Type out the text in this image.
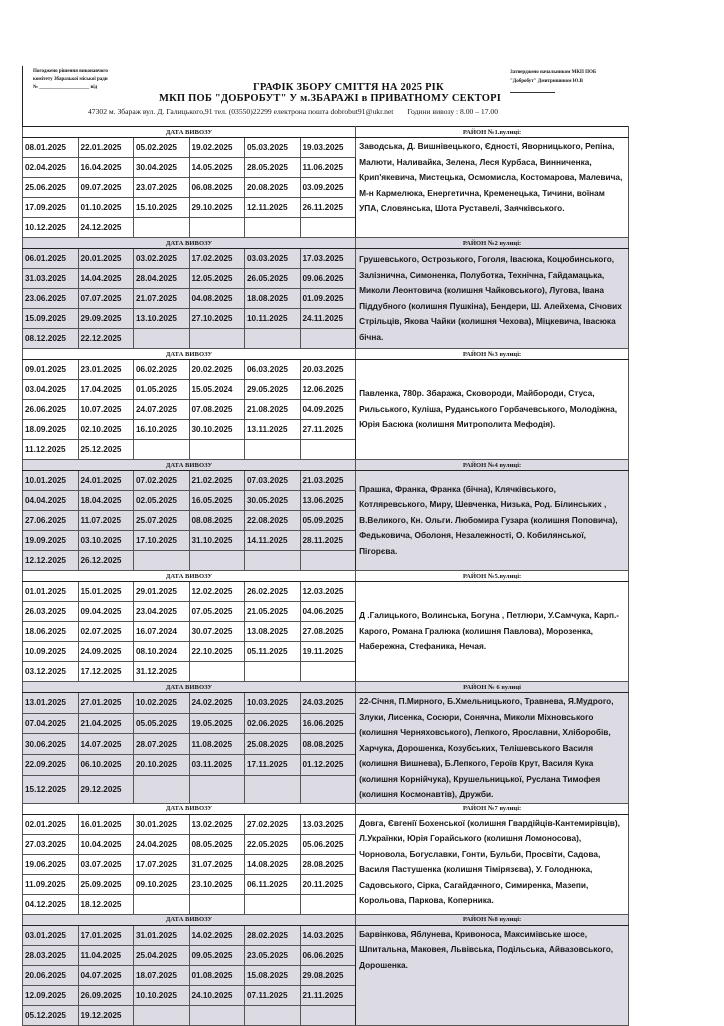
Погоджено рішення виконавчого
комітету Збаразької міської ради
№ ____________________ від	ГРАФІК ЗБОРУ СМІТТЯ НА 2025 РІК
МКП ПОБ "ДОБРОБУТ" У м.ЗБАРАЖІ в ПРИВАТНОМУ СЕКТОРІ
Затверджено начальником МКП ПОБ
"Добробут" Дмитришином Ю.В
47302 м. Збараж вул. Д. Галицького,91 тел. (03550)22299 електрона пошта dobrobut91@ukr.net Години вивозу : 8.00 – 17.00
ДАТА ВИВОЗУ						РАЙОН №1.вулиці:
08.01.2025	22.01.2025	05.02.2025	19.02.2025	05.03.2025	19.03.2025	Заводська, Д. Вишнівецького, Єдності, Яворницького, Репіна, Малюти, Наливайка, Зелена, Леся Курбаса, Винниченка, Крип'якевича, Мистецька, Осмомисла, Костомарова, Малевича, М-н Кармелюка, Енергетична, Кременецька, Тичини, воїнам УПА, Словянська, Шота Руставелі, Заячківського.
02.04.2025	16.04.2025	30.04.2025	14.05.2025	28.05.2025	11.06.2025	
25.06.2025	09.07.2025	23.07.2025	06.08.2025	20.08.2025	03.09.2025	
17.09.2025	01.10.2025	15.10.2025	29.10.2025	12.11.2025	26.11.2025	
10.12.2025	24.12.2025					
ДАТА ВИВОЗУ						РАЙОН №2 вулиці:
06.01.2025	20.01.2025	03.02.2025	17.02.2025	03.03.2025	17.03.2025	Грушевського, Острозького, Гоголя, Івасюка, Коцюбинського, Залізнична, Симоненка, Полуботка, Технічна, Гайдамацька, Миколи Леонтовича (колишня Чайковського), Лугова, Івана Піддубного (колишня Пушкіна), Бендери, Ш. Алейхема, Січових Стрільців, Якова Чайки (колишня Чехова), Міцкевича, Івасюка бічна.
31.03.2025	14.04.2025	28.04.2025	12.05.2025	26.05.2025	09.06.2025	
23.06.2025	07.07.2025	21.07.2025	04.08.2025	18.08.2025	01.09.2025	
15.09.2025	29.09.2025	13.10.2025	27.10.2025	10.11.2025	24.11.2025	
08.12.2025	22.12.2025					
ДАТА ВИВОЗУ						РАЙОН №3 вулиці:
09.01.2025	23.01.2025	06.02.2025	20.02.2025	06.03.2025	20.03.2025	Павленка, 780р. Збаража, Сковороди, Майбороди, Стуса, Рильського, Куліша, Руданського Горбачевського, Молодіжна, Юрія Басюка (колишня Митрополита Мефодія).
03.04.2025	17.04.2025	01.05.2025	15.05.2024	29.05.2025	12.06.2025	
26.06.2025	10.07.2025	24.07.2025	07.08.2025	21.08.2025	04.09.2025	
18.09.2025	02.10.2025	16.10.2025	30.10.2025	13.11.2025	27.11.2025	
11.12.2025	25.12.2025					
ДАТА ВИВОЗУ						РАЙОН №4 вулиці:
10.01.2025	24.01.2025	07.02.2025	21.02.2025	07.03.2025	21.03.2025	Прашка, Франка, Франка (бічна), Клячківського, Котляревського, Миру, Шевченка, Низька, Род. Білинських , В.Великого, Кн. Ольги. Любомира Гузара (колишня Поповича), Федьковича, Оболоня, Незалежності, О. Кобилянської, Пігорєва.
04.04.2025	18.04.2025	02.05.2025	16.05.2025	30.05.2025	13.06.2025	
27.06.2025	11.07.2025	25.07.2025	08.08.2025	22.08.2025	05.09.2025	
19.09.2025	03.10.2025	17.10.2025	31.10.2025	14.11.2025	28.11.2025	
12.12.2025	26.12.2025					
ДАТА ВИВОЗУ						РАЙОН №5.вулиці:
01.01.2025	15.01.2025	29.01.2025	12.02.2025	26.02.2025	12.03.2025	Д .Галицького, Волинська, Богуна , Петлюри, У.Самчука, Карп.- Карого, Романа Гралюка (колишня Павлова), Морозенка, Набережна, Стефаника, Нечая.
26.03.2025	09.04.2025	23.04.2025	07.05.2025	21.05.2025	04.06.2025	
18.06.2025	02.07.2025	16.07.2024	30.07.2025	13.08.2025	27.08.2025	
10.09.2025	24.09.2025	08.10.2024	22.10.2025	05.11.2025	19.11.2025	
03.12.2025	17.12.2025	31.12.2025				
ДАТА ВИВОЗУ						РАЙОН № 6 вулиці
13.01.2025	27.01.2025	10.02.2025	24.02.2025	10.03.2025	24.03.2025	22-Січня, П.Мирного, Б.Хмельницького, Травнева, Я.Мудрого, Злуки, Лисенка, Сосюри, Сонячна, Миколи Міхновського (колишня Черняховського), Лепкого, Ярославни, Хліборобів, Харчука, Дорошенка, Козубських, Телішевського Василя (колишня Вишнева), Б.Лепкого, Героїв Крут, Василя Кука (колишня Корнійчука), Крушельницької, Руслана Тимофея (колишня Космонавтів), Дружби.
07.04.2025	21.04.2025	05.05.2025	19.05.2025	02.06.2025	16.06.2025	
30.06.2025	14.07.2025	28.07.2025	11.08.2025	25.08.2025	08.08.2025	
22.09.2025	06.10.2025	20.10.2025	03.11.2025	17.11.2025	01.12.2025	
15.12.2025	29.12.2025					
ДАТА ВИВОЗУ						РАЙОН №7 вулиці:
02.01.2025	16.01.2025	30.01.2025	13.02.2025	27.02.2025	13.03.2025	Довга, Євгенії Бохенської (колишня Гвардійців-Кантемирівців), Л.Українки, Юрія Горайського (колишня Ломоносова), Чорновола, Богуславки, Гонти, Бульби, Просвіти, Садова, Василя Пастушенка (колишня Тімірязєва), У. Голоднюка, Садовського, Сірка, Сагайдачного, Симиренка, Мазепи, Корольова, Паркова, Коперника.
27.03.2025	10.04.2025	24.04.2025	08.05.2025	22.05.2025	05.06.2025	
19.06.2025	03.07.2025	17.07.2025	31.07.2025	14.08.2025	28.08.2025	
11.09.2025	25.09.2025	09.10.2025	23.10.2025	06.11.2025	20.11.2025	
04.12.2025	18.12.2025					
ДАТА ВИВОЗУ						РАЙОН №8 вулиці:
03.01.2025	17.01.2025	31.01.2025	14.02.2025	28.02.2025	14.03.2025	Барвінкова, Яблунева, Кривоноса, Максимівське шосе, Шпитальна, Маковея, Львівська, Подільська, Айвазовського, Дорошенка.
28.03.2025	11.04.2025	25.04.2025	09.05.2025	23.05.2025	06.06.2025	
20.06.2025	04.07.2025	18.07.2025	01.08.2025	15.08.2025	29.08.2025	
12.09.2025	26.09.2025	10.10.2025	24.10.2025	07.11.2025	21.11.2025	
05.12.2025	19.12.2025					
